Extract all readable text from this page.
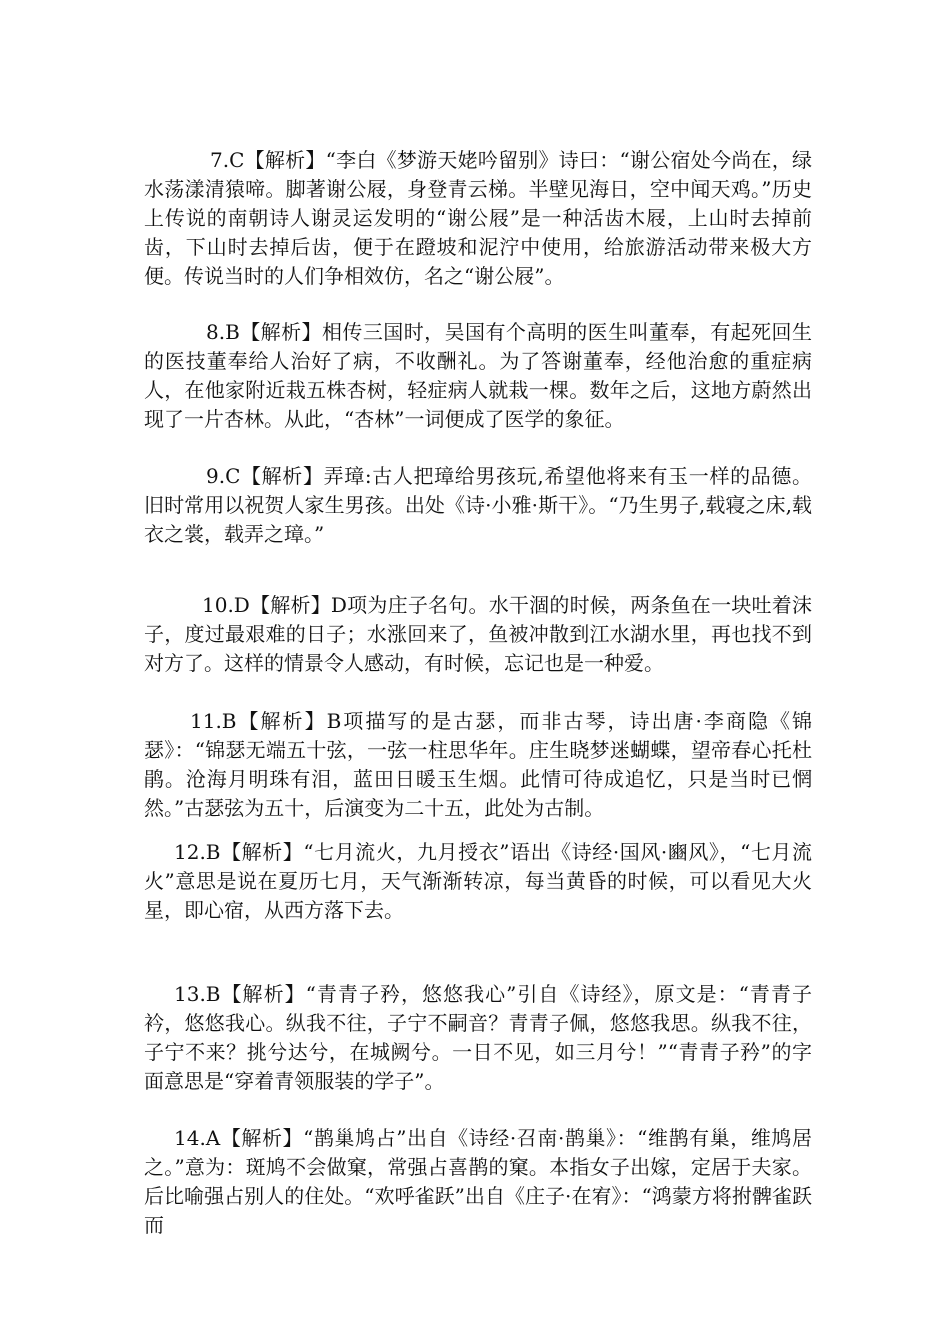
7.C【解析】“李白《梦游天姥吟留别》诗曰：“谢公宿处今尚在，绿水荡漾清猿啼。脚著谢公屐，身登青云梯。半壁见海日，空中闻天鸡。”历史上传说的南朝诗人谢灵运发明的“谢公屐”是一种活齿木屐，上山时去掉前齿，下山时去掉后齿，便于在蹬坡和泥泞中使用，给旅游活动带来极大方便。传说当时的人们争相效仿，名之“谢公屐”。

8.B【解析】相传三国时，吴国有个高明的医生叫董奉，有起死回生的医技董奉给人治好了病，不收酬礼。为了答谢董奉，经他治愈的重症病人，在他家附近栽五株杏树，轻症病人就栽一棵。数年之后，这地方蔚然出现了一片杏林。从此，“杏林”一词便成了医学的象征。

9.C【解析】弄璋:古人把璋给男孩玩,希望他将来有玉一样的品德。旧时常用以祝贺人家生男孩。出处《诗·小雅·斯干》。“乃生男子,载寝之床,载衣之裳，载弄之璋。”

10.D【解析】D项为庄子名句。水干涸的时候，两条鱼在一块吐着沫子，度过最艰难的日子；水涨回来了，鱼被冲散到江水湖水里，再也找不到对方了。这样的情景令人感动，有时候，忘记也是一种爱。

11.B【解析】B项描写的是古瑟，而非古琴，诗出唐·李商隐《锦瑟》：“锦瑟无端五十弦，一弦一柱思华年。庄生晓梦迷蝴蝶，望帝春心托杜鹃。沧海月明珠有泪，蓝田日暖玉生烟。此情可待成追忆，只是当时已惘然。”古瑟弦为五十，后演变为二十五，此处为古制。

12.B【解析】“七月流火，九月授衣”语出《诗经·国风·豳风》，“七月流火”意思是说在夏历七月，天气渐渐转凉，每当黄昏的时候，可以看见大火星，即心宿，从西方落下去。

13.B【解析】“青青子矜，悠悠我心”引自《诗经》，原文是：“青青子衿，悠悠我心。纵我不往，子宁不嗣音？青青子佩，悠悠我思。纵我不往，子宁不来？挑兮达兮，在城阙兮。一日不见，如三月兮！”“青青子矜”的字面意思是“穿着青领服装的学子”。

14.A【解析】“鹊巢鸠占”出自《诗经·召南·鹊巢》：“维鹊有巢，维鸠居之。”意为：斑鸠不会做窠，常强占喜鹊的窠。本指女子出嫁，定居于夫家。后比喻强占别人的住处。“欢呼雀跃”出自《庄子·在宥》：“鸿蒙方将拊髀雀跃而
